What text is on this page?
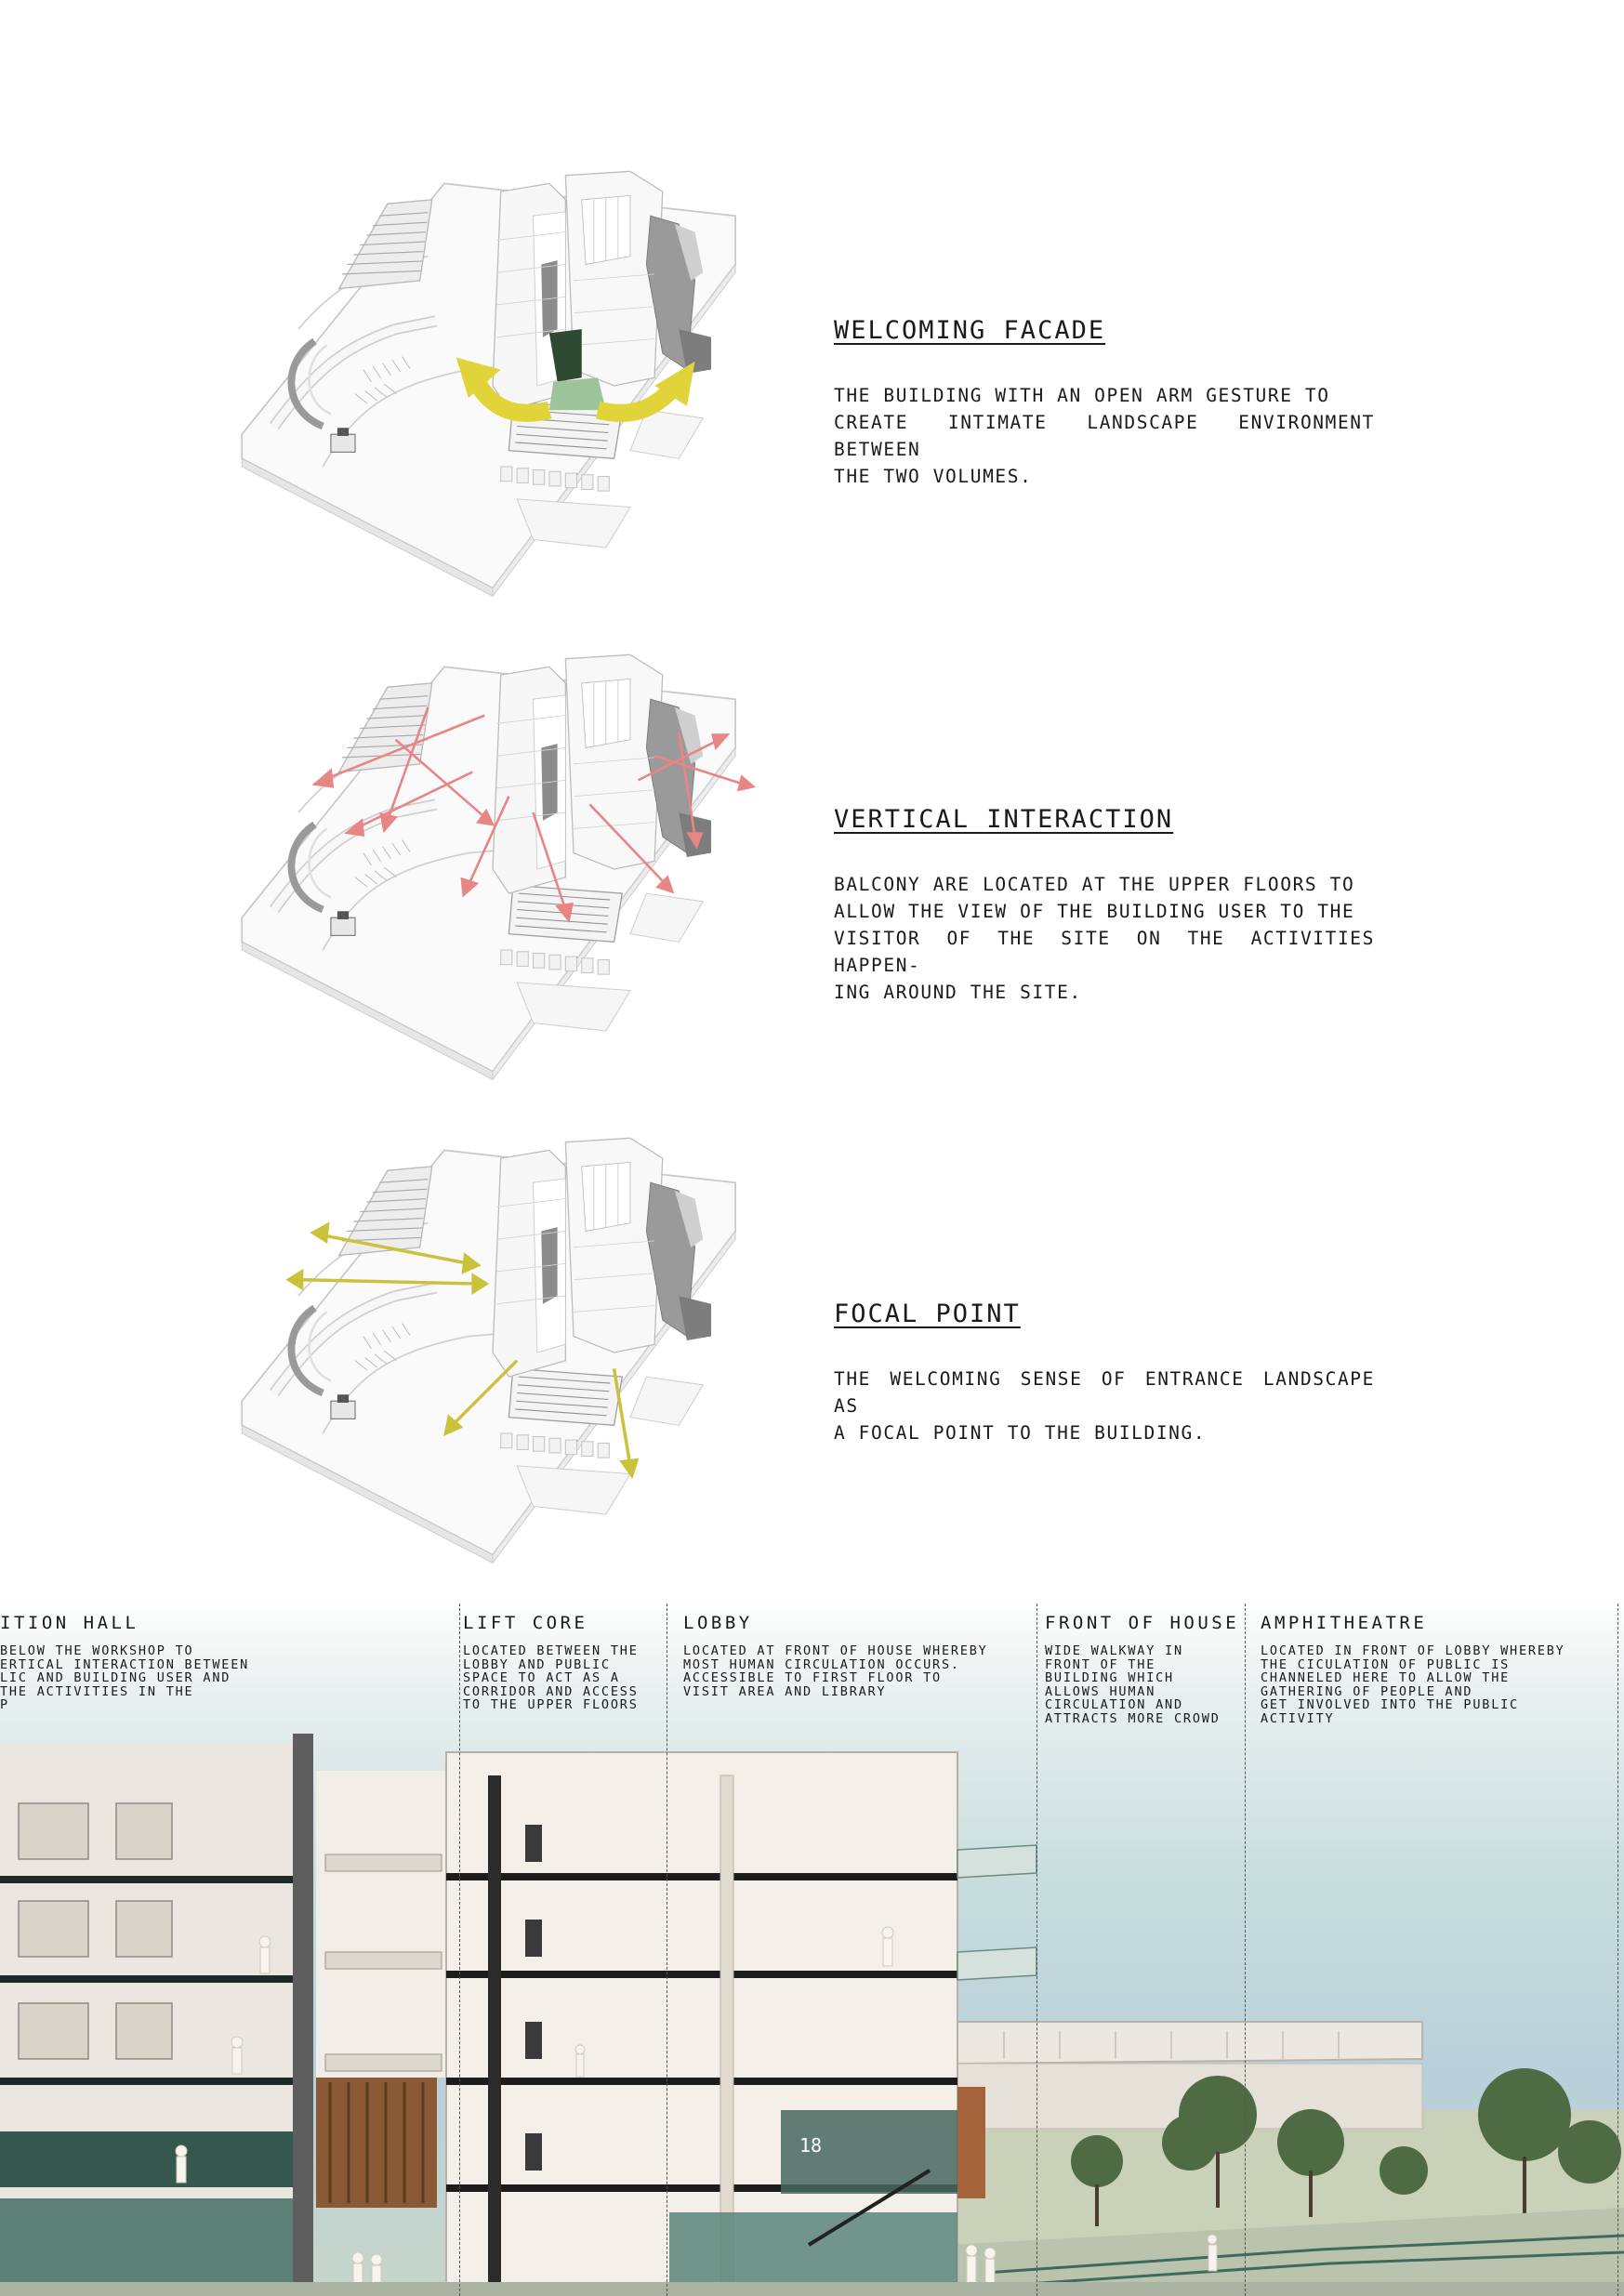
WELCOMING FACADE

THE BUILDING WITH AN OPEN ARM GESTURE TO
CREATE INTIMATE LANDSCAPE ENVIRONMENT BETWEEN
THE TWO VOLUMES.

VERTICAL INTERACTION

BALCONY ARE LOCATED AT THE UPPER FLOORS TO
ALLOW THE VIEW OF THE BUILDING USER TO THE
VISITOR OF THE SITE ON THE ACTIVITIES HAPPEN-
ING AROUND THE SITE.

FOCAL POINT

THE WELCOMING SENSE OF ENTRANCE LANDSCAPE AS
A FOCAL POINT TO THE BUILDING.

ITION HALL

BELOW THE WORKSHOP TO
ERTICAL INTERACTION BETWEEN
LIC AND BUILDING USER AND
THE ACTIVITIES IN THE
P

LIFT CORE

LOCATED BETWEEN THE
LOBBY AND PUBLIC
SPACE TO ACT AS A
CORRIDOR AND ACCESS
TO THE UPPER FLOORS

LOBBY

LOCATED AT FRONT OF HOUSE WHEREBY
MOST HUMAN CIRCULATION OCCURS.
ACCESSIBLE TO FIRST FLOOR TO
VISIT AREA AND LIBRARY

FRONT OF HOUSE

WIDE WALKWAY IN
FRONT OF THE
BUILDING WHICH
ALLOWS HUMAN
CIRCULATION AND
ATTRACTS MORE CROWD

AMPHITHEATRE

LOCATED IN FRONT OF LOBBY WHEREBY
THE CICULATION OF PUBLIC IS
CHANNELED HERE TO ALLOW THE
GATHERING OF PEOPLE AND
GET INVOLVED INTO THE PUBLIC
ACTIVITY

18
